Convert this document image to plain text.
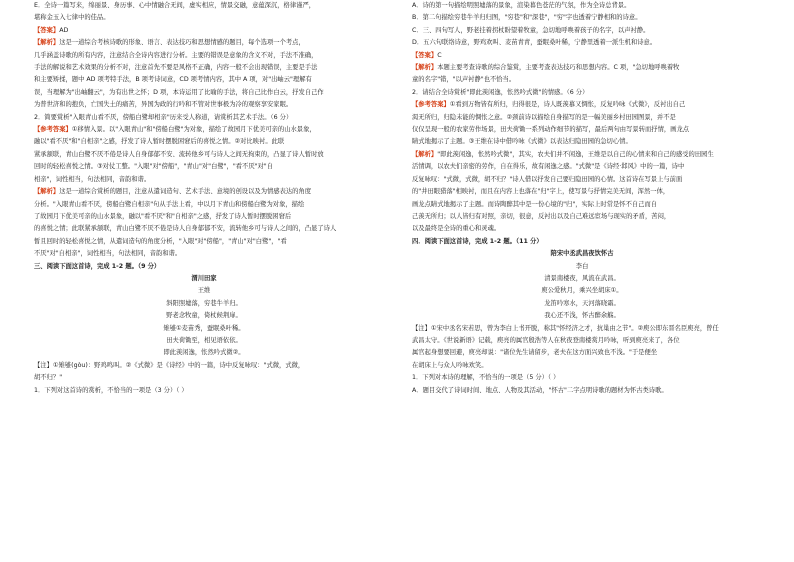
E．全诗一篇写来，绵丽景、身历事、心中情融合无间，虚实相应，情景交融，意蕴深沉，格律谨严，

堪称金玉入七律中的佳品。

【答案】AD

【解析】这是一道综合考核诗歌的形象、语言、表达技巧和思想情感的题目，每个选项一个考点，

几乎涵盖诗歌的所有内容，注意结合全诗内容进行分析。主要的错误是意象的含义不对，手法不准确，

手法的解说和艺术效果的分析不对，注意首先不要是风格不正确，内容一般不会出现错误，主要是手法

和主要矫揉，题中 AD 项考特手法，B 项考诗词意，CD 项考情内容，其中 A 项，对"出岫云"理解有

误，当理解为"出岫翻云"，为有出世之怀；D 项，本诗运用了比喻的手法，将自己比作白云，抒发自己作

为普世济和的抱负，亡国失土的痛苦，异国为政的行吟和不管对世事极为冷的观察享安家眠。

2．简要赏析"入眼青山看不厌，傍船白鹭却相亲"历来受人称道，请赏析其艺术手法。（6 分）

【参考答案】①移情入景。以"入眼青山"和"傍船白鹭"为对象，描绘了故园月下优美可亲的山水景象，

融以"看不厌"和"自相亲"之感，抒发了诗人暂时摆脱困窘后的喜悦之情。②对比映衬。此联

紧承颔联，青山白鹭不厌不倦是诗人自身郁郁不安、流转他乡可与诗人之间无拘束的，凸显了诗人暂时放

回时的轻松喜悦之情。③对仗工整。"入眼"对"傍船"，"青山"对"白鹭"，"看不厌"对"自

相亲"，词性相当，句法相同，音韵和谐。

【解析】这是一道综合赏析的题目，注意从遣词造句、艺术手法、意境的创设以及为情感表达的角度

分析。"入眼青山看不厌，傍船白鹭自相亲"句从手法上看，中以月下青山和傍船白鹭为对象，描绘

了故园月下优美可亲的山水景象，融以"看不厌"和"自相亲"之感，抒发了诗人暂时摆脱困窘后

的喜悦之情；此联紧承颔联，青山白鹭不厌不倦是诗人自身郁郁不安，流转他乡可与诗人之间的，凸显了诗人

暂且回时的轻松喜悦之情，从遣词造句的角度分析，"入眼"对"傍船"，"青山"对"白鹭"，"看

不厌"对"自相亲"，词性相当，句法相同，音韵和谐。

三、阅读下面这首诗，完成 1-2 题。（9 分）

渭川田家
王维
斜阳照墟落，穷巷牛羊归。
野老念牧童，倚杖候荆扉。
雉雊①麦苗秀，蚕眠桑叶稀。
田夫荷锄至，相见语依依。
即此羡闲逸，怅然吟式微②。

【注】①雉雊(gòu)：野鸡鸣叫。②《式微》是《诗经》中的一篇，诗中反复咏叹："式微，式微，

胡不归？"

1．下列对这首诗的赏析，不恰当的一项是（3 分）（ ）

A．诗的第一句描绘明照墟落的景象，渲染暮色苍茫的气氛，作为全诗总背景。

B．第二句描绘穷巷牛羊归归图，"穷巷"和"深巷"，"穷"字也透着宁静相和的诗意。

C．三、四句写人，野老挂着拐杖盼望着牧童，急切地呼唤着孩子的名字，以声衬静。

D．五六句联络诗意，野鸡欢叫、麦苗青青，蚕眠桑叶稀，宁静里透着一派生机和诗意。

【答案】C

【解析】本题主要考查诗歌的综合鉴赏，主要考查表达技巧和思想内容。C 项，"急切地呼唤着牧

童的名字"错，"以声衬静"也不恰当。

2．请结合全诗赏析"即此羡闲逸，怅然吟式微"的情感。（6 分）

【参考答案】①看到万物皆有所归，归得很是，诗人既羡慕又惆怅，反复吟咏《式微》，反衬出自己

渴无所归，归隐未能的惆怅之意。②颈前诗以描绘自身描写的是一幅美丽乡村田园图景，并不是

仅仅呈现一般的农家劳作场景，田夫荷锄一系列动作细节的描写，最后两句由写景转而抒情，画龙点

睛式地揭示了主题。③王维在诗中借吟咏《式微》以表达归隐田园的急切心情。

【解析】"即此羡闲逸，怅然吟式微"，其实，农夫们并不闲逸，王维是以自己的心情来和自己的感受的田园生

活情调，以农夫们亲密的劳作，自在得乐，故有闲逸之感。"式微"是《诗经·邶风》中的一篇，诗中

反复咏叹："式微，式微，胡不归？"诗人借以抒发自己要归隐田园的心情。这首诗在写景上与前面

的"井田眼猎落"相映衬，而且在内容上也落在"归"字上，使写景与抒情完美无间，浑然一体，

画龙点睛式地揭示了主题。而诗陶醉其中是一份心境的"归"，实际上时常是怀不自己而自

己羡无所归；以人皆归有对照，亲切，很意，反衬出以及自己难远宦场与现实的矛盾，苦闷，

以及最终是全诗的重心和灵魂。

四．阅读下面这首诗，完成 1-2 题。（11 分）

陪宋中丞武昌夜饮怀古
李白
清景南楼夜，风流在武昌。
庾公爱秋月，乘兴坐胡床①。
龙笛吟寒水，天河落晓霜。
我心还不浅，怀古醉余觞。

【注】①宋中丞名宋若思，曾为李白上书开脱，称其"怀经济之才，抗巢由之节"。②庾公即东晋名臣庾亮，曾任

武昌太守。《世说新语》记载，庾亮的属官殷浩等人在秋夜登南楼赏月吟咏，听到庾亮来了，各位

属官起身想要回避，庾亮却说："诸位先生请留步，老夫在这方面兴致也不浅。"于是便坐

在胡床上与众人吟咏欢笑。

1．下列对本诗的理解，不恰当的一项是（5 分）（ ）

A．题目交代了诗词时间、地点、人物及其活动，"怀古"二字点明诗歌的题材为怀古类诗歌。
